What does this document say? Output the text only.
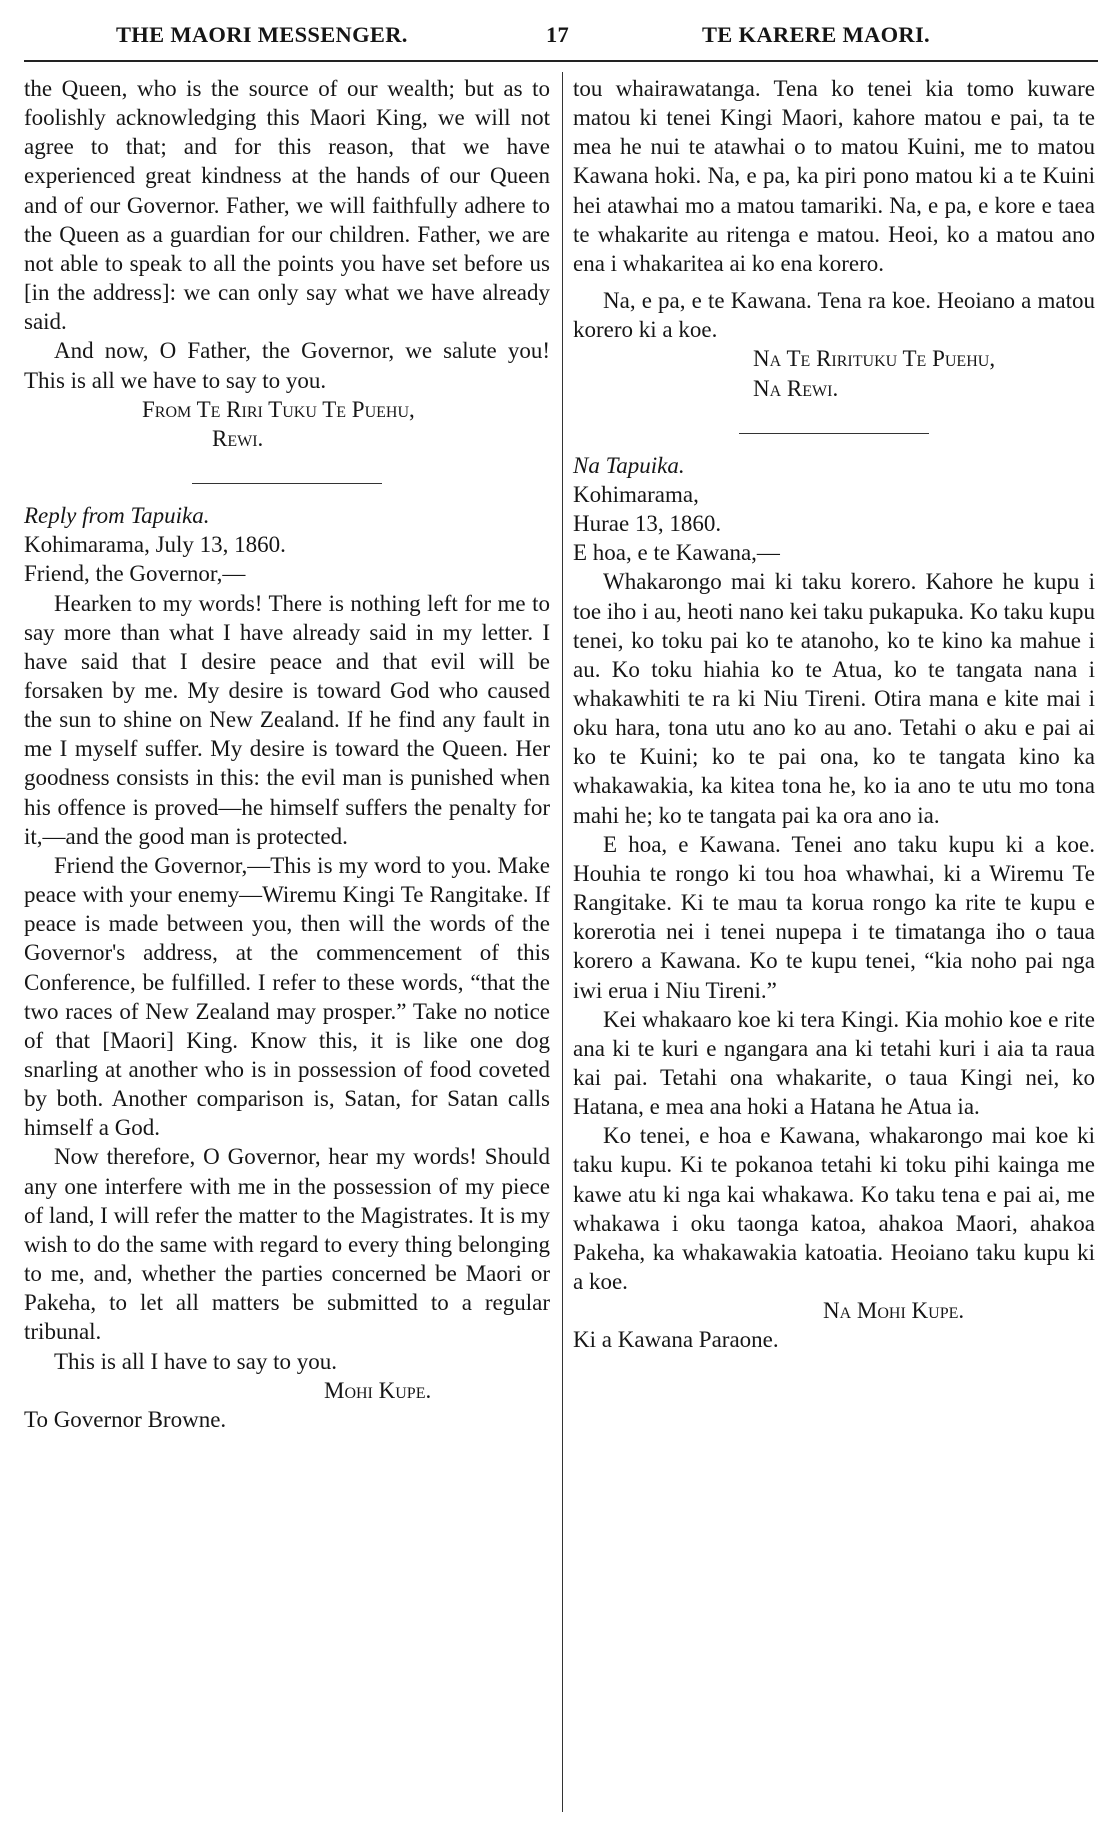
THE MAORI MESSENGER.	17	TE KARERE MAORI.

the Queen, who is the source of our wealth; but as to foolishly acknowledging this Maori King, we will not agree to that; and for this reason, that we have experienced great kindness at the hands of our Queen and of our Governor. Father, we will faithfully adhere to the Queen as a guardian for our children. Father, we are not able to speak to all the points you have set before us [in the address]: we can only say what we have already said.

And now, O Father, the Governor, we salute you! This is all we have to say to you.

From Te Riri Tuku Te Puehu,

Rewi.

Reply from Tapuika.

Kohimarama, July 13, 1860.

Friend, the Governor,—

Hearken to my words! There is nothing left for me to say more than what I have already said in my letter. I have said that I desire peace and that evil will be forsaken by me. My desire is toward God who caused the sun to shine on New Zealand. If he find any fault in me I myself suffer. My desire is toward the Queen. Her goodness consists in this: the evil man is punished when his offence is proved—he himself suffers the penalty for it,—and the good man is protected.

Friend the Governor,—This is my word to you. Make peace with your enemy—Wiremu Kingi Te Rangitake. If peace is made between you, then will the words of the Governor's address, at the commencement of this Conference, be fulfilled. I refer to these words, “that the two races of New Zealand may prosper.” Take no notice of that [Maori] King. Know this, it is like one dog snarling at another who is in possession of food coveted by both. Another comparison is, Satan, for Satan calls himself a God.

Now therefore, O Governor, hear my words! Should any one interfere with me in the possession of my piece of land, I will refer the matter to the Magistrates. It is my wish to do the same with regard to every thing belonging to me, and, whether the parties concerned be Maori or Pakeha, to let all matters be submitted to a regular tribunal.

This is all I have to say to you.

Mohi Kupe.

To Governor Browne.

tou whairawatanga. Tena ko tenei kia tomo kuware matou ki tenei Kingi Maori, kahore matou e pai, ta te mea he nui te atawhai o to matou Kuini, me to matou Kawana hoki. Na, e pa, ka piri pono matou ki a te Kuini hei atawhai mo a matou tamariki. Na, e pa, e kore e taea te whakarite au ritenga e matou. Heoi, ko a matou ano ena i whakaritea ai ko ena korero.

Na, e pa, e te Kawana. Tena ra koe. Heoiano a matou korero ki a koe.

Na Te Rirituku Te Puehu,

Na Rewi.

Na Tapuika.

Kohimarama,

Hurae 13, 1860.

E hoa, e te Kawana,—

Whakarongo mai ki taku korero. Kahore he kupu i toe iho i au, heoti nano kei taku pukapuka. Ko taku kupu tenei, ko toku pai ko te atanoho, ko te kino ka mahue i au. Ko toku hiahia ko te Atua, ko te tangata nana i whakawhiti te ra ki Niu Tireni. Otira mana e kite mai i oku hara, tona utu ano ko au ano. Tetahi o aku e pai ai ko te Kuini; ko te pai ona, ko te tangata kino ka whakawakia, ka kitea tona he, ko ia ano te utu mo tona mahi he; ko te tangata pai ka ora ano ia.

E hoa, e Kawana. Tenei ano taku kupu ki a koe. Houhia te rongo ki tou hoa whawhai, ki a Wiremu Te Rangitake. Ki te mau ta korua rongo ka rite te kupu e korerotia nei i tenei nupepa i te timatanga iho o taua korero a Kawana. Ko te kupu tenei, “kia noho pai nga iwi erua i Niu Tireni.”

Kei whakaaro koe ki tera Kingi. Kia mohio koe e rite ana ki te kuri e ngangara ana ki tetahi kuri i aia ta raua kai pai. Tetahi ona whakarite, o taua Kingi nei, ko Hatana, e mea ana hoki a Hatana he Atua ia.

Ko tenei, e hoa e Kawana, whakarongo mai koe ki taku kupu. Ki te pokanoa tetahi ki toku pihi kainga me kawe atu ki nga kai whakawa. Ko taku tena e pai ai, me whakawa i oku taonga katoa, ahakoa Maori, ahakoa Pakeha, ka whakawakia katoatia. Heoiano taku kupu ki a koe.

Na Mohi Kupe.

Ki a Kawana Paraone.
